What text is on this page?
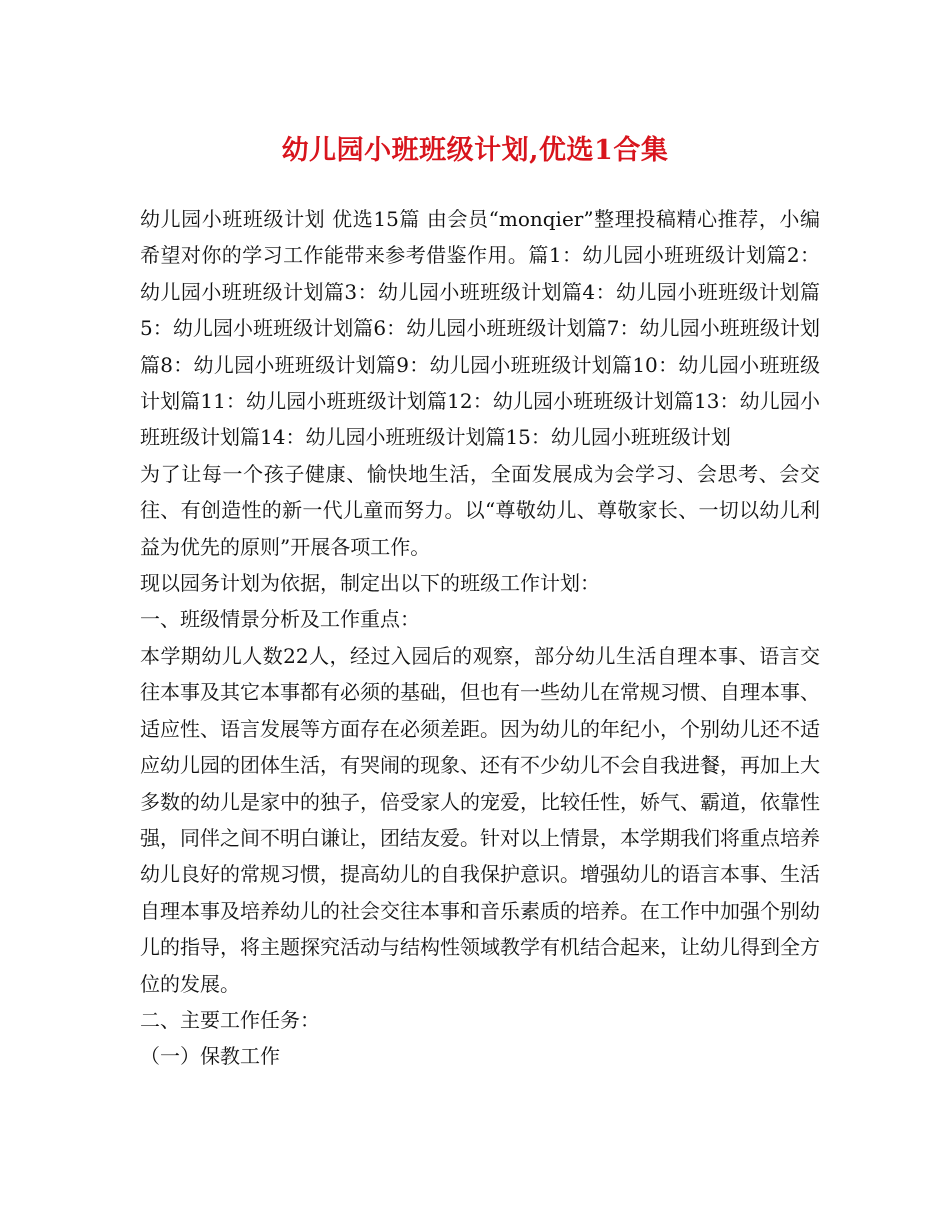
幼儿园小班班级计划,优选1合集

幼儿园小班班级计划 优选15篇 由会员“monqier”整理投稿精心推荐，小编希望对你的学习工作能带来参考借鉴作用。篇1：幼儿园小班班级计划篇2：幼儿园小班班级计划篇3：幼儿园小班班级计划篇4：幼儿园小班班级计划篇5：幼儿园小班班级计划篇6：幼儿园小班班级计划篇7：幼儿园小班班级计划篇8：幼儿园小班班级计划篇9：幼儿园小班班级计划篇10：幼儿园小班班级计划篇11：幼儿园小班班级计划篇12：幼儿园小班班级计划篇13：幼儿园小班班级计划篇14：幼儿园小班班级计划篇15：幼儿园小班班级计划

为了让每一个孩子健康、愉快地生活，全面发展成为会学习、会思考、会交往、有创造性的新一代儿童而努力。以“尊敬幼儿、尊敬家长、一切以幼儿利益为优先的原则”开展各项工作。

现以园务计划为依据，制定出以下的班级工作计划：

一、班级情景分析及工作重点：

本学期幼儿人数22人，经过入园后的观察，部分幼儿生活自理本事、语言交往本事及其它本事都有必须的基础，但也有一些幼儿在常规习惯、自理本事、适应性、语言发展等方面存在必须差距。因为幼儿的年纪小，个别幼儿还不适应幼儿园的团体生活，有哭闹的现象、还有不少幼儿不会自我进餐，再加上大多数的幼儿是家中的独子，倍受家人的宠爱，比较任性，娇气、霸道，依靠性强，同伴之间不明白谦让，团结友爱。针对以上情景，本学期我们将重点培养幼儿良好的常规习惯，提高幼儿的自我保护意识。增强幼儿的语言本事、生活自理本事及培养幼儿的社会交往本事和音乐素质的培养。在工作中加强个别幼儿的指导，将主题探究活动与结构性领域教学有机结合起来，让幼儿得到全方位的发展。

二、主要工作任务：

（一）保教工作
